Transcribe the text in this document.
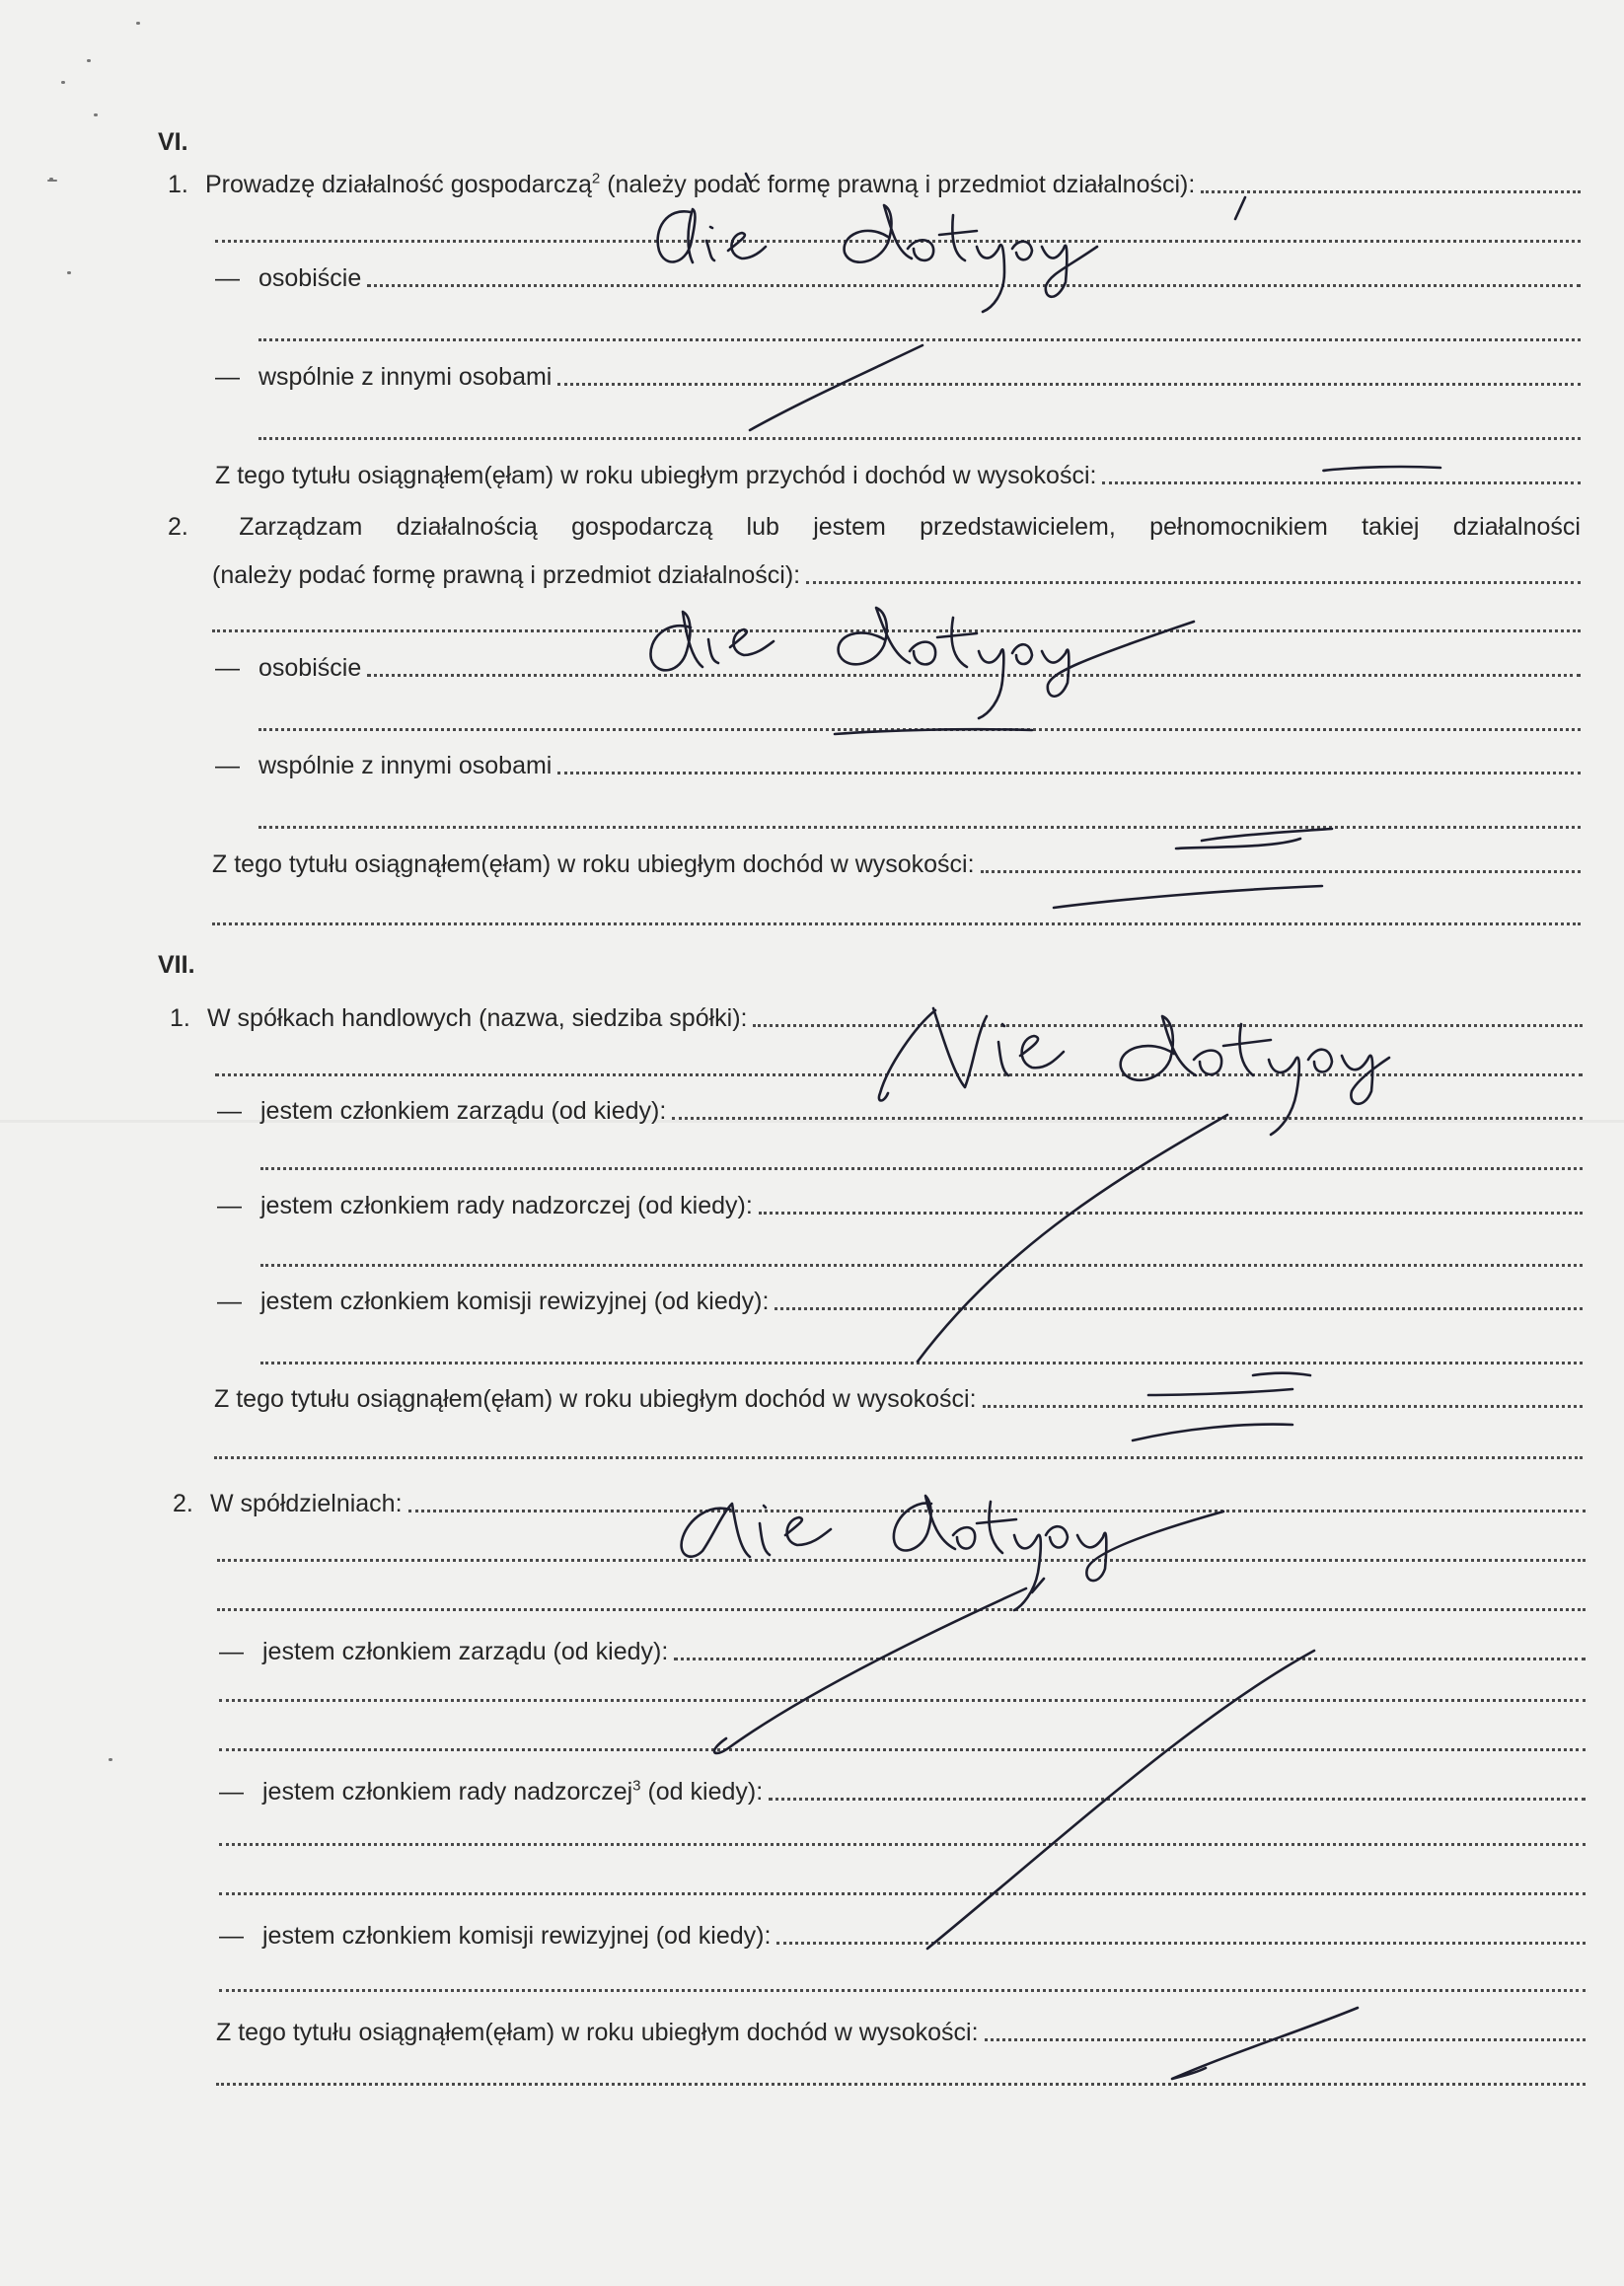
VI.
1. Prowadzę działalność gospodarczą$^2$ (należy podać formę prawną i przedmiot działalności):
— osobiście
— wspólnie z innymi osobami
Z tego tytułu osiągnąłem(ęłam) w roku ubiegłym przychód i dochód w wysokości:
2.	Zarządzam działalnością gospodarczą lub jestem przedstawicielem, pełnomocnikiem takiej działalności
(należy podać formę prawną i przedmiot działalności):
— osobiście
— wspólnie z innymi osobami
Z tego tytułu osiągnąłem(ęłam) w roku ubiegłym dochód w wysokości:
VII.
1. W spółkach handlowych (nazwa, siedziba spółki):
— jestem członkiem zarządu (od kiedy):
— jestem członkiem rady nadzorczej (od kiedy):
— jestem członkiem komisji rewizyjnej (od kiedy):
Z tego tytułu osiągnąłem(ęłam) w roku ubiegłym dochód w wysokości:
2. W spółdzielniach:
— jestem członkiem zarządu (od kiedy):
— jestem członkiem rady nadzorczej$^3$ (od kiedy):
— jestem członkiem komisji rewizyjnej (od kiedy):
Z tego tytułu osiągnąłem(ęłam) w roku ubiegłym dochód w wysokości:
